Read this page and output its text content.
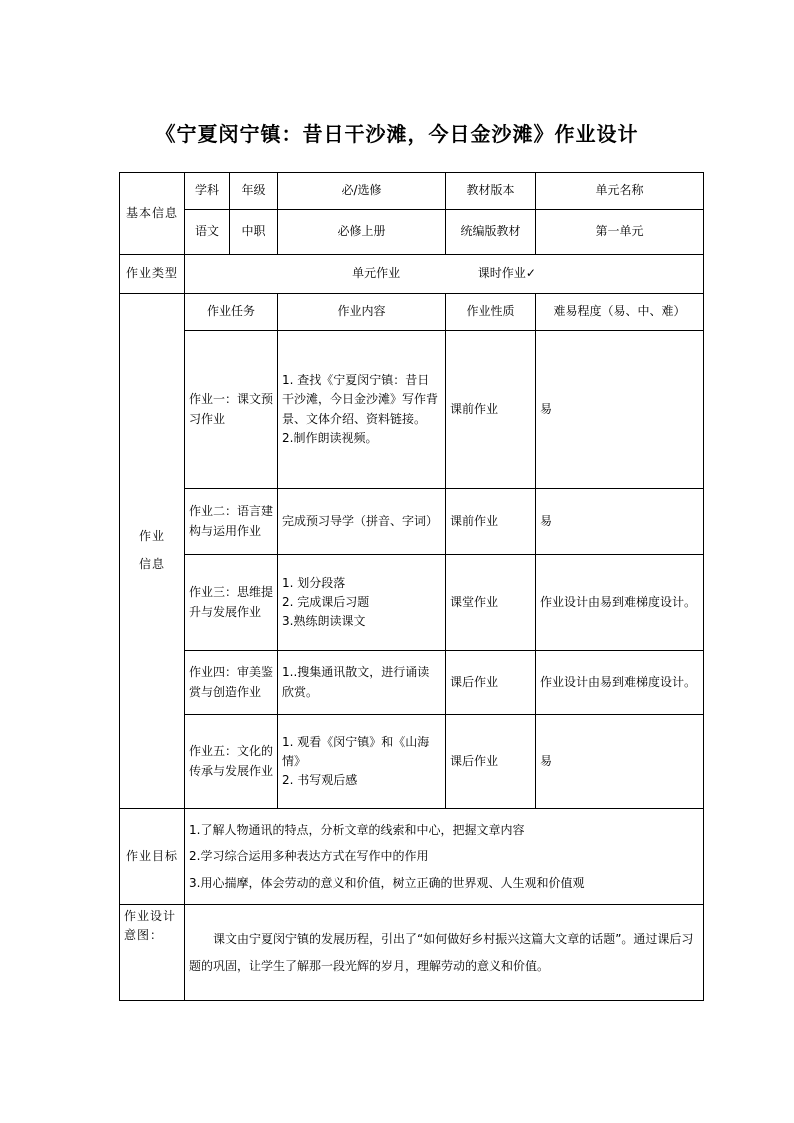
《宁夏闵宁镇：昔日干沙滩，今日金沙滩》作业设计
基本信息	学科	年级	必/选修	教材版本	单元名称
	语文	中职	必修上册	统编版教材	第一单元
作业类型	单元作业 课时作业✓				
作业信息	作业任务		作业内容	作业性质	难易程度（易、中、难）
	作业一：课文预习作业		1. 查找《宁夏闵宁镇：昔日干沙滩，今日金沙滩》写作背景、文体介绍、资料链接。
2.制作朗读视频。	课前作业	易
	作业二：语言建构与运用作业		完成预习导学（拼音、字词）	课前作业	易
	作业三：思维提升与发展作业		1. 划分段落
2. 完成课后习题
3.熟练朗读课文	课堂作业	作业设计由易到难梯度设计。
	作业四：审美鉴赏与创造作业		1..搜集通讯散文，进行诵读欣赏。	课后作业	作业设计由易到难梯度设计。
	作业五：文化的传承与发展作业		1. 观看《闵宁镇》和《山海情》
2. 书写观后感	课后作业	易
作业目标	1.了解人物通讯的特点，分析文章的线索和中心，把握文章内容
2.学习综合运用多种表达方式在写作中的作用
3.用心揣摩，体会劳动的意义和价值，树立正确的世界观、人生观和价值观				

作业设计意图：	课文由宁夏闵宁镇的发展历程，引出了“如何做好乡村振兴这篇大文章的话题”。通过课后习题的巩固，让学生了解那一段光辉的岁月，理解劳动的意义和价值。				
